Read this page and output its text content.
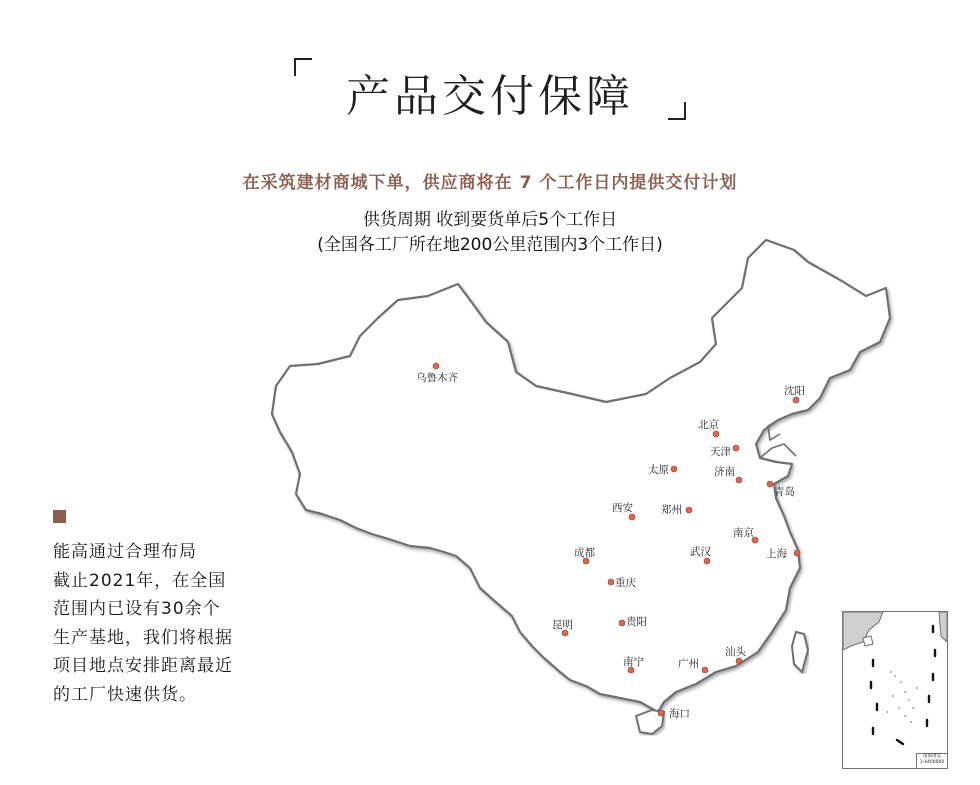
产品交付保障
在采筑建材商城下单，供应商将在 7 个工作日内提供交付计划
供货周期 收到要货单后5个工作日
(全国各工厂所在地200公里范围内3个工作日)
乌鲁木齐
沈阳
北京
天津
太原	济南
青岛
西安	郑州
南京
成都	武汉	上海
重庆
昆明	贵阳
南宁	广州
汕头
海口
能高通过合理布局
截止2021年，在全国
范围内已设有30余个
生产基地，我们将根据
项目地点安排距离最近
的工厂快速供货。
南海诸岛 1:4400000
